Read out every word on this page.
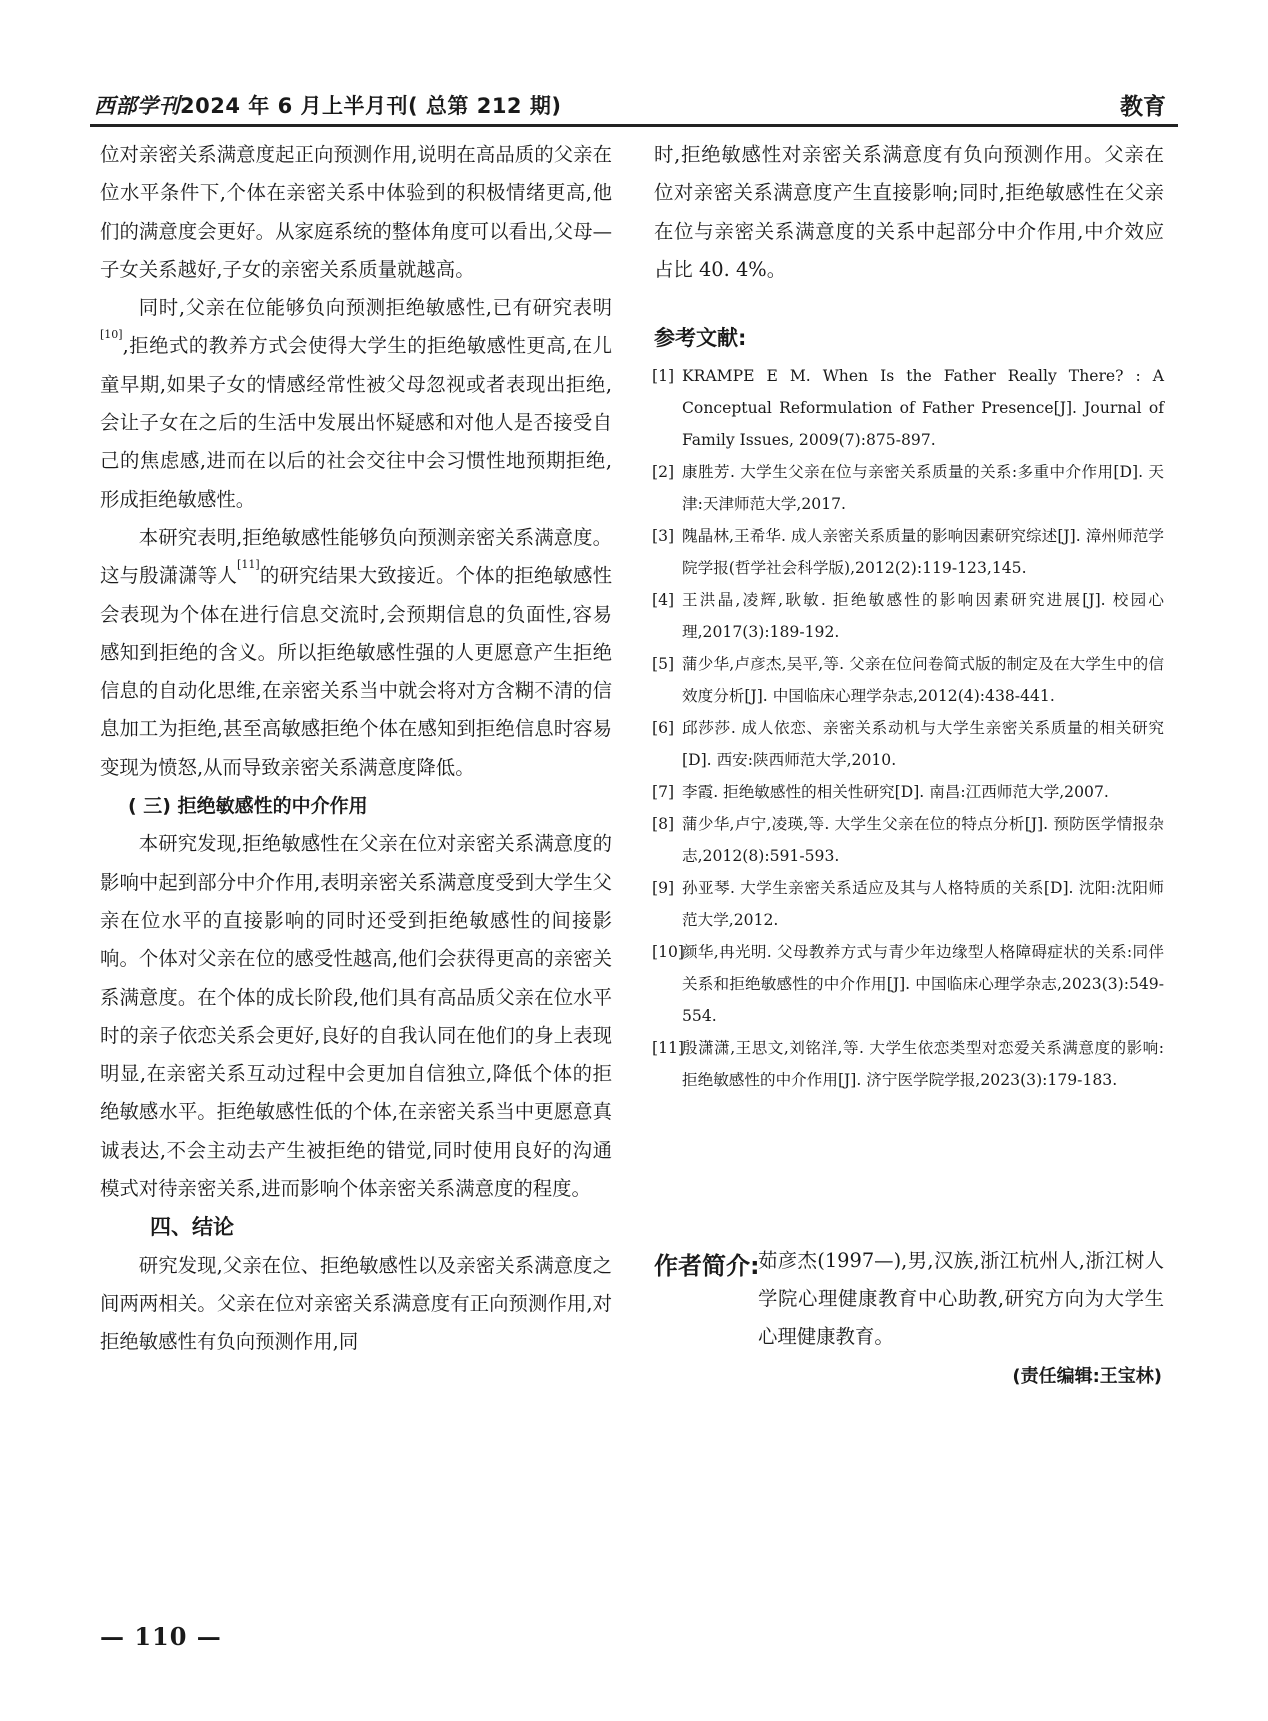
西部学刊2024 年 6 月上半月刊( 总第 212 期)	教育

位对亲密关系满意度起正向预测作用,说明在高品质的父亲在位水平条件下,个体在亲密关系中体验到的积极情绪更高,他们的满意度会更好。从家庭系统的整体角度可以看出,父母—子女关系越好,子女的亲密关系质量就越高。

同时,父亲在位能够负向预测拒绝敏感性,已有研究表明[10],拒绝式的教养方式会使得大学生的拒绝敏感性更高,在儿童早期,如果子女的情感经常性被父母忽视或者表现出拒绝,会让子女在之后的生活中发展出怀疑感和对他人是否接受自己的焦虑感,进而在以后的社会交往中会习惯性地预期拒绝,形成拒绝敏感性。

本研究表明,拒绝敏感性能够负向预测亲密关系满意度。这与殷潇潇等人[11]的研究结果大致接近。个体的拒绝敏感性会表现为个体在进行信息交流时,会预期信息的负面性,容易感知到拒绝的含义。所以拒绝敏感性强的人更愿意产生拒绝信息的自动化思维,在亲密关系当中就会将对方含糊不清的信息加工为拒绝,甚至高敏感拒绝个体在感知到拒绝信息时容易变现为愤怒,从而导致亲密关系满意度降低。

( 三) 拒绝敏感性的中介作用

本研究发现,拒绝敏感性在父亲在位对亲密关系满意度的影响中起到部分中介作用,表明亲密关系满意度受到大学生父亲在位水平的直接影响的同时还受到拒绝敏感性的间接影响。个体对父亲在位的感受性越高,他们会获得更高的亲密关系满意度。在个体的成长阶段,他们具有高品质父亲在位水平时的亲子依恋关系会更好,良好的自我认同在他们的身上表现明显,在亲密关系互动过程中会更加自信独立,降低个体的拒绝敏感水平。拒绝敏感性低的个体,在亲密关系当中更愿意真诚表达,不会主动去产生被拒绝的错觉,同时使用良好的沟通模式对待亲密关系,进而影响个体亲密关系满意度的程度。

四、结论

研究发现,父亲在位、拒绝敏感性以及亲密关系满意度之间两两相关。父亲在位对亲密关系满意度有正向预测作用,对拒绝敏感性有负向预测作用,同

时,拒绝敏感性对亲密关系满意度有负向预测作用。父亲在位对亲密关系满意度产生直接影响;同时,拒绝敏感性在父亲在位与亲密关系满意度的关系中起部分中介作用,中介效应占比 40. 4%。

参考文献:
[1] KRAMPE E M. When Is the Father Really There? : A Conceptual Reformulation of Father Presence[J]. Journal of Family Issues, 2009(7):875-897.
[2] 康胜芳. 大学生父亲在位与亲密关系质量的关系:多重中介作用[D]. 天津:天津师范大学,2017.
[3] 隗晶林,王希华. 成人亲密关系质量的影响因素研究综述[J]. 漳州师范学院学报(哲学社会科学版),2012(2):119-123,145.
[4] 王洪晶,凌辉,耿敏. 拒绝敏感性的影响因素研究进展[J]. 校园心理,2017(3):189-192.
[5] 蒲少华,卢彦杰,吴平,等. 父亲在位问卷简式版的制定及在大学生中的信效度分析[J]. 中国临床心理学杂志,2012(4):438-441.
[6] 邱莎莎. 成人依恋、亲密关系动机与大学生亲密关系质量的相关研究[D]. 西安:陕西师范大学,2010.
[7] 李霞. 拒绝敏感性的相关性研究[D]. 南昌:江西师范大学,2007.
[8] 蒲少华,卢宁,凌瑛,等. 大学生父亲在位的特点分析[J]. 预防医学情报杂志,2012(8):591-593.
[9] 孙亚琴. 大学生亲密关系适应及其与人格特质的关系[D]. 沈阳:沈阳师范大学,2012.
[10]
颜华,冉光明. 父母教养方式与青少年边缘型人格障碍症状的关系:同伴关系和拒绝敏感性的中介作用[J]. 中国临床心理学杂志,2023(3):549-554.
[11]
殷潇潇,王思文,刘铭洋,等. 大学生依恋类型对恋爱关系满意度的影响:拒绝敏感性的中介作用[J]. 济宁医学院学报,2023(3):179-183.
作者简介:
茹彦杰(1997—),男,汉族,浙江杭州人,浙江树人学院心理健康教育中心助教,研究方向为大学生心理健康教育。
(责任编辑:王宝林)
— 110 —
